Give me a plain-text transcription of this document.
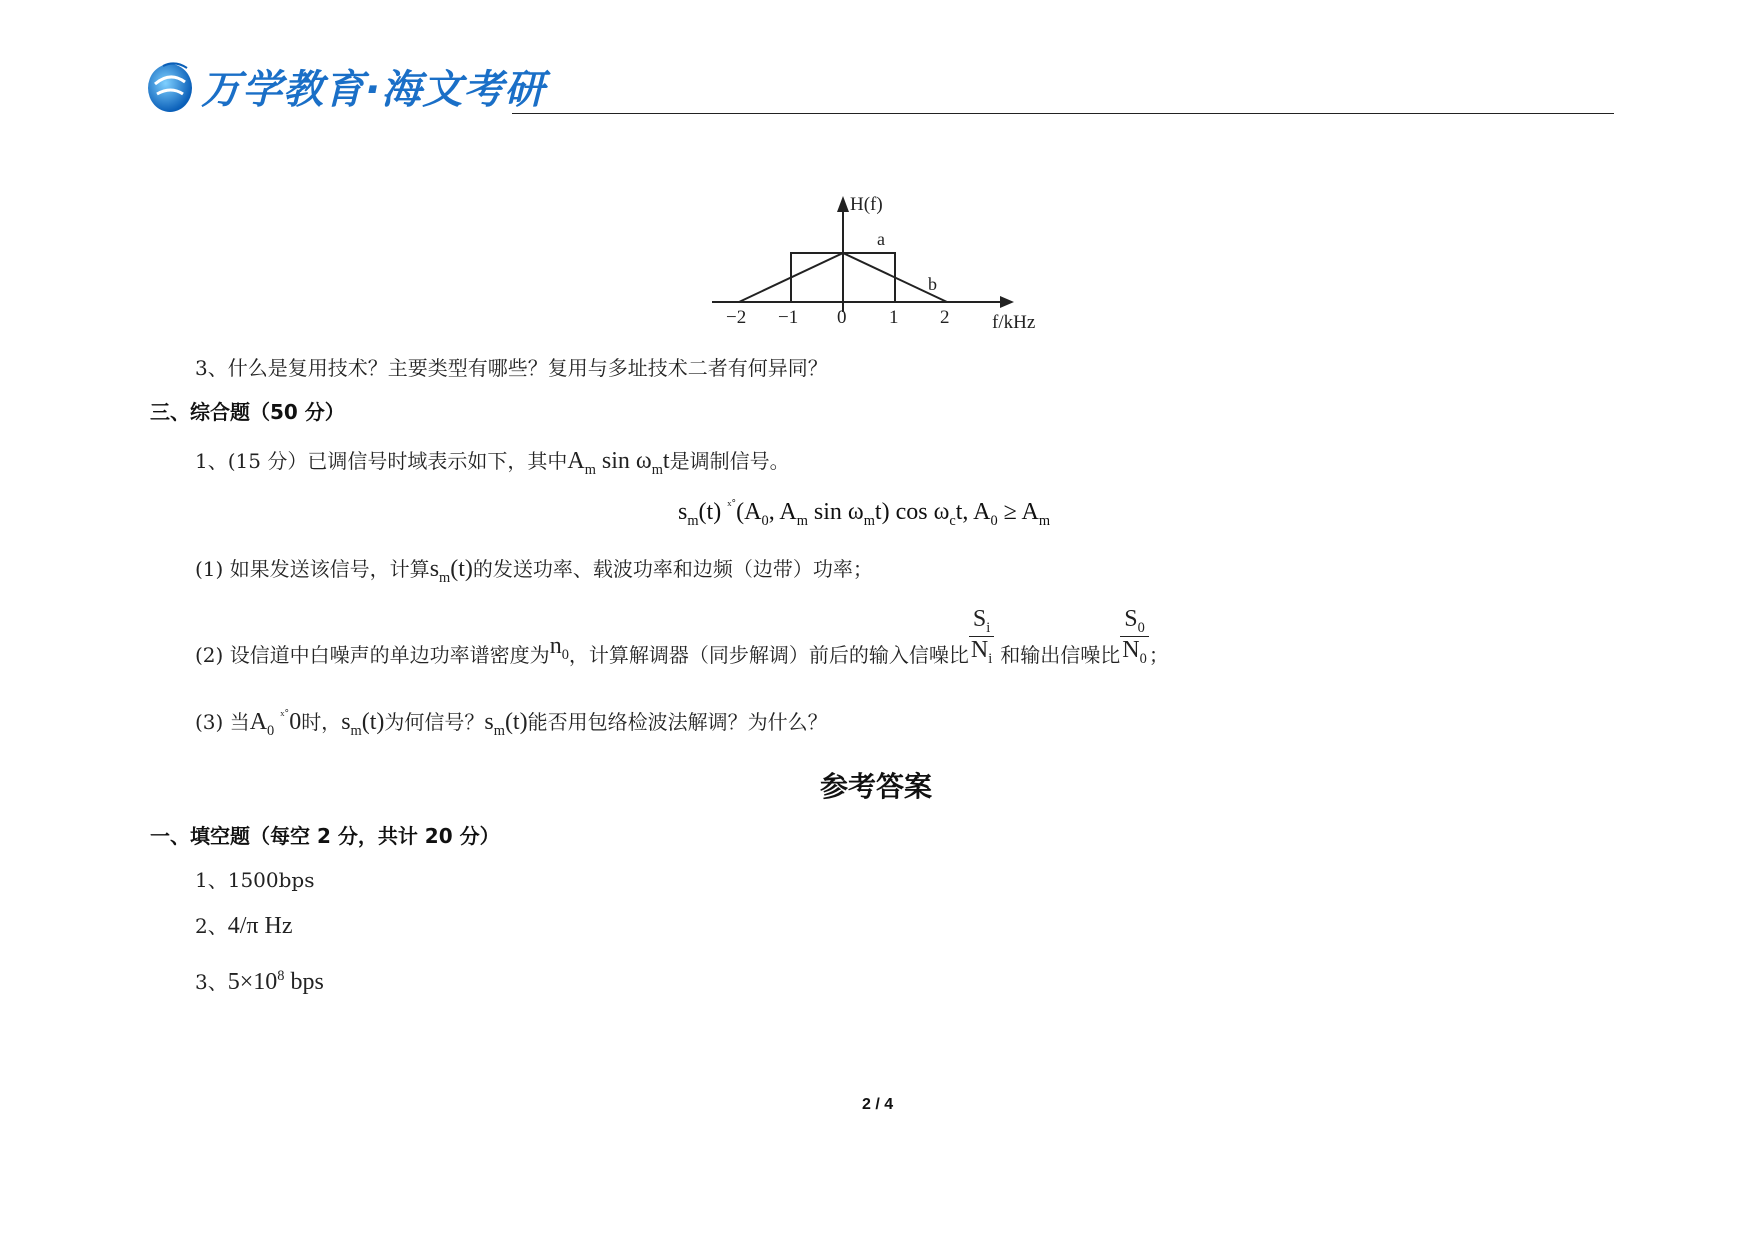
万学教育·海文考研
H(f)
a
b
−2 −1 0 1 2 f/kHz
3、什么是复用技术？主要类型有哪些？复用与多址技术二者有何异同？
三、综合题（50 分）
1、(15 分）已调信号时域表示如下，其中$A_m$ $\sin \omega_mt$是调制信号。
$s_m(t)$ $^{ˣ˚}(A_0$, $A_m$ $\sin \omega_mt$) $\cos \omega_ct$, $A_0 \ge A_m$
(1) 如果发送该信号，计算$s_m(t)$的发送功率、载波功率和边频（边带）功率；
(2) 设信道中白噪声的单边功率谱密度为 $n_0$ ，计算解调器（同步解调）前后的输入信噪比 $\frac{S_i}{N_i}$ 和输出信噪比 $\frac{S_0}{N_0}$ ；
(3) 当$A_0$ $^{ˣ˚}$0时，$s_m(t)$为何信号？$s_m(t)$能否用包络检波法解调？为什么？
参考答案
一、填空题（每空 2 分，共计 20 分）
1、1500bps
2、4/π Hz
3、$5\times 10^8$ bps
2 / 4
